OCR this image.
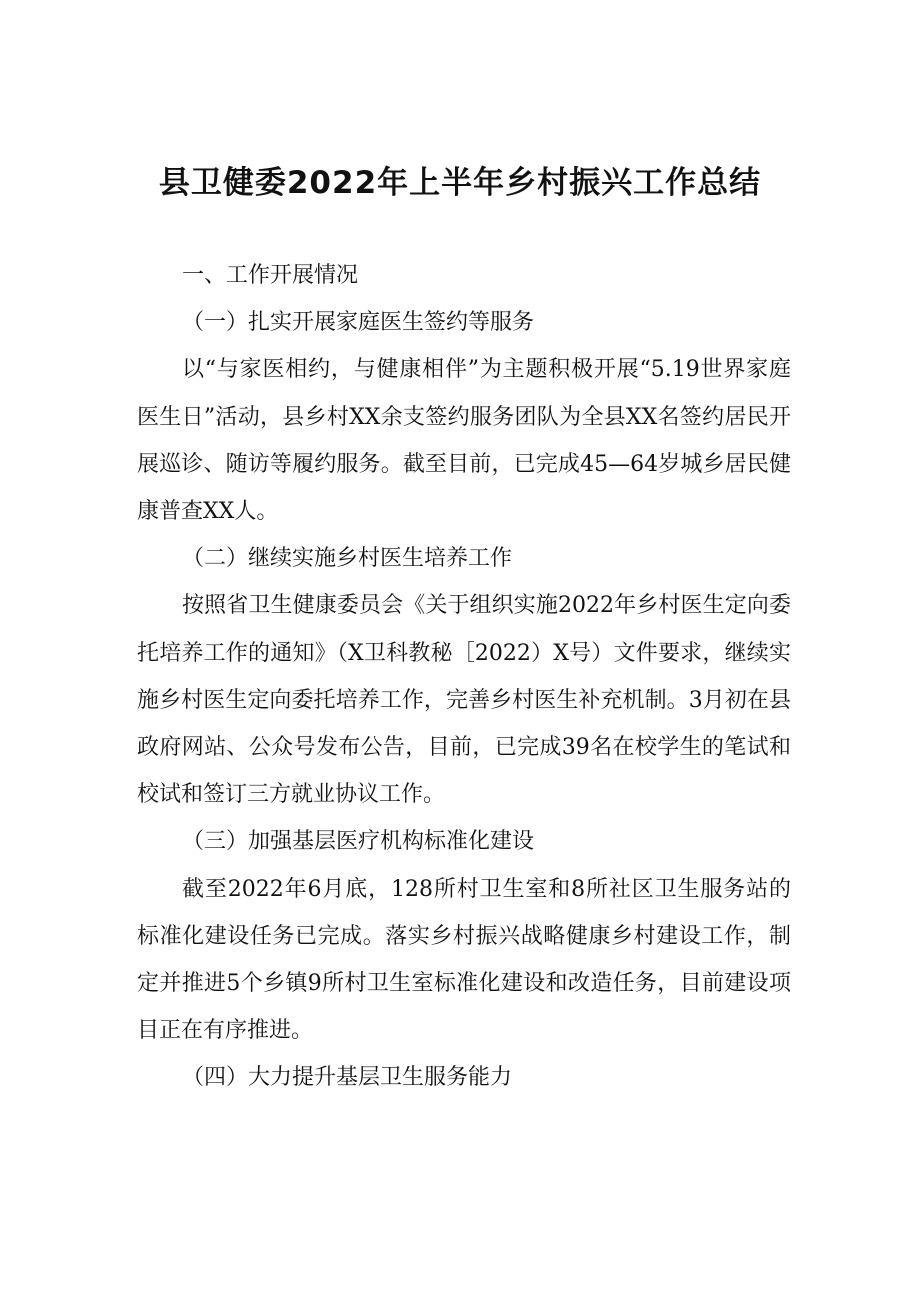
县卫健委2022年上半年乡村振兴工作总结

一、工作开展情况

（一）扎实开展家庭医生签约等服务

以“与家医相约，与健康相伴”为主题积极开展“5.19世界家庭医生日”活动，县乡村XX余支签约服务团队为全县XX名签约居民开展巡诊、随访等履约服务。截至目前，已完成45—64岁城乡居民健康普查XX人。

（二）继续实施乡村医生培养工作

按照省卫生健康委员会《关于组织实施2022年乡村医生定向委托培养工作的通知》（X卫科教秘［2022）X号）文件要求，继续实施乡村医生定向委托培养工作，完善乡村医生补充机制。3月初在县政府网站、公众号发布公告，目前，已完成39名在校学生的笔试和校试和签订三方就业协议工作。

（三）加强基层医疗机构标准化建设

截至2022年6月底，128所村卫生室和8所社区卫生服务站的标准化建设任务已完成。落实乡村振兴战略健康乡村建设工作，制定并推进5个乡镇9所村卫生室标准化建设和改造任务，目前建设项目正在有序推进。

（四）大力提升基层卫生服务能力
